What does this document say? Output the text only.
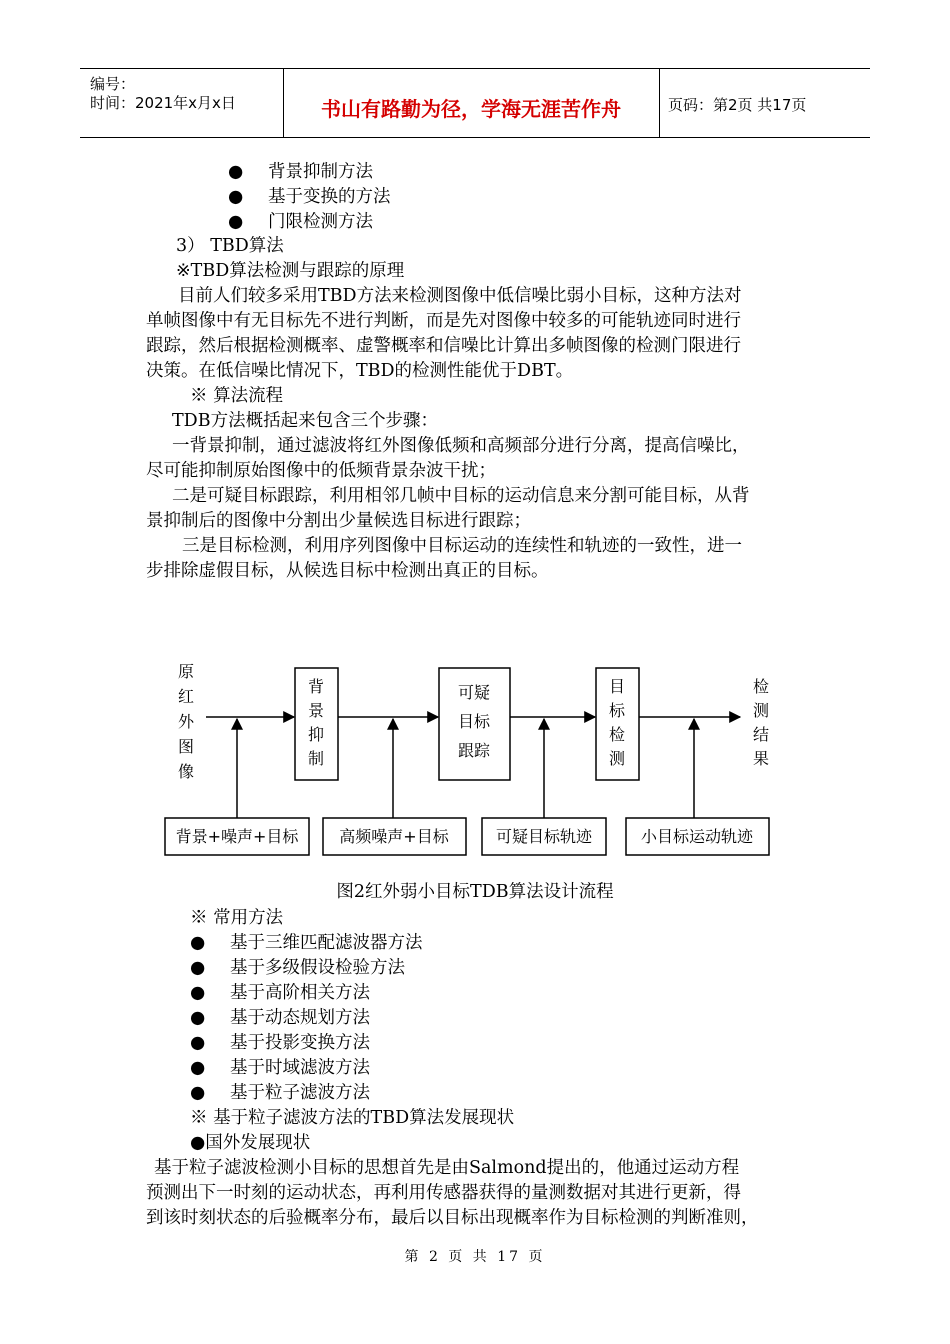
编号：
时间：2021年x月x日	书山有路勤为径，学海无涯苦作舟	页码：第2页 共17页
● 背景抑制方法
● 基于变换的方法
● 门限检测方法
3） TBD算法
※TBD算法检测与跟踪的原理
目前人们较多采用TBD方法来检测图像中低信噪比弱小目标，这种方法对
单帧图像中有无目标先不进行判断，而是先对图像中较多的可能轨迹同时进行
跟踪，然后根据检测概率、虚警概率和信噪比计算出多帧图像的检测门限进行
决策。在低信噪比情况下，TBD的检测性能优于DBT。
※ 算法流程
TDB方法概括起来包含三个步骤：
一背景抑制，通过滤波将红外图像低频和高频部分进行分离，提高信噪比，
尽可能抑制原始图像中的低频背景杂波干扰；
二是可疑目标跟踪，利用相邻几帧中目标的运动信息来分割可能目标，从背
景抑制后的图像中分割出少量候选目标进行跟踪；
三是目标检测，利用序列图像中目标运动的连续性和轨迹的一致性，进一
步排除虚假目标，从候选目标中检测出真正的目标。
原
红
外
图
像
背
景
抑
制
可疑
目标
跟踪
目
标
检
测
检
测
结
果
背景+噪声+目标	高频噪声+目标	可疑目标轨迹	小目标运动轨迹
图2红外弱小目标TDB算法设计流程
※ 常用方法
● 基于三维匹配滤波器方法
● 基于多级假设检验方法
● 基于高阶相关方法
● 基于动态规划方法
● 基于投影变换方法
● 基于时域滤波方法
● 基于粒子滤波方法
※ 基于粒子滤波方法的TBD算法发展现状
●国外发展现状
基于粒子滤波检测小目标的思想首先是由Salmond提出的，他通过运动方程
预测出下一时刻的运动状态，再利用传感器获得的量测数据对其进行更新，得
到该时刻状态的后验概率分布，最后以目标出现概率作为目标检测的判断准则，
第 2 页 共 17 页
